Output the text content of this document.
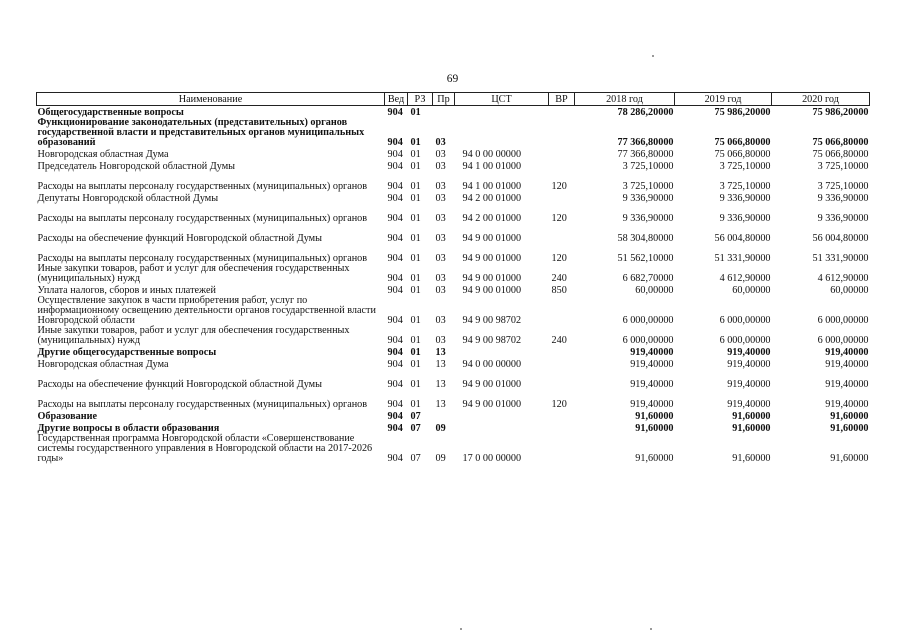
69
Наименование	Вед	РЗ	Пр	ЦСТ	ВР	2018 год	2019 год	2020 год
Общегосударственные вопросы	904	01				78 286,20000	75 986,20000	75 986,20000
Функционирование законодательных (представительных) органов государственной власти и представительных органов муниципальных образований	904	01	03			77 366,80000	75 066,80000	75 066,80000
Новгородская областная Дума	904	01	03	94 0 00 00000		77 366,80000	75 066,80000	75 066,80000
Председатель Новгородской областной Думы	904	01	03	94 1 00 01000		3 725,10000	3 725,10000	3 725,10000
Расходы на выплаты персоналу государственных (муниципальных) органов	904	01	03	94 1 00 01000	120	3 725,10000	3 725,10000	3 725,10000
Депутаты Новгородской областной Думы	904	01	03	94 2 00 01000		9 336,90000	9 336,90000	9 336,90000
Расходы на выплаты персоналу государственных (муниципальных) органов	904	01	03	94 2 00 01000	120	9 336,90000	9 336,90000	9 336,90000
Расходы на обеспечение функций Новгородской областной Думы	904	01	03	94 9 00 01000		58 304,80000	56 004,80000	56 004,80000
Расходы на выплаты персоналу государственных (муниципальных) органов	904	01	03	94 9 00 01000	120	51 562,10000	51 331,90000	51 331,90000
Иные закупки товаров, работ и услуг для обеспечения государственных (муниципальных) нужд	904	01	03	94 9 00 01000	240	6 682,70000	4 612,90000	4 612,90000
Уплата налогов, сборов и иных платежей	904	01	03	94 9 00 01000	850	60,00000	60,00000	60,00000
Осуществление закупок в части приобретения работ, услуг по информационному освещению деятельности органов государственной власти Новгородской области	904	01	03	94 9 00 98702		6 000,00000	6 000,00000	6 000,00000
Иные закупки товаров, работ и услуг для обеспечения государственных (муниципальных) нужд	904	01	03	94 9 00 98702	240	6 000,00000	6 000,00000	6 000,00000
Другие общегосударственные вопросы	904	01	13			919,40000	919,40000	919,40000
Новгородская областная Дума	904	01	13	94 0 00 00000		919,40000	919,40000	919,40000
Расходы на обеспечение функций Новгородской областной Думы	904	01	13	94 9 00 01000		919,40000	919,40000	919,40000
Расходы на выплаты персоналу государственных (муниципальных) органов	904	01	13	94 9 00 01000	120	919,40000	919,40000	919,40000
Образование	904	07				91,60000	91,60000	91,60000
Другие вопросы в области образования	904	07	09			91,60000	91,60000	91,60000
Государственная программа Новгородской области «Совершенствование системы государственного управления в Новгородской области на 2017-2026 годы»	904	07	09	17 0 00 00000		91,60000	91,60000	91,60000
